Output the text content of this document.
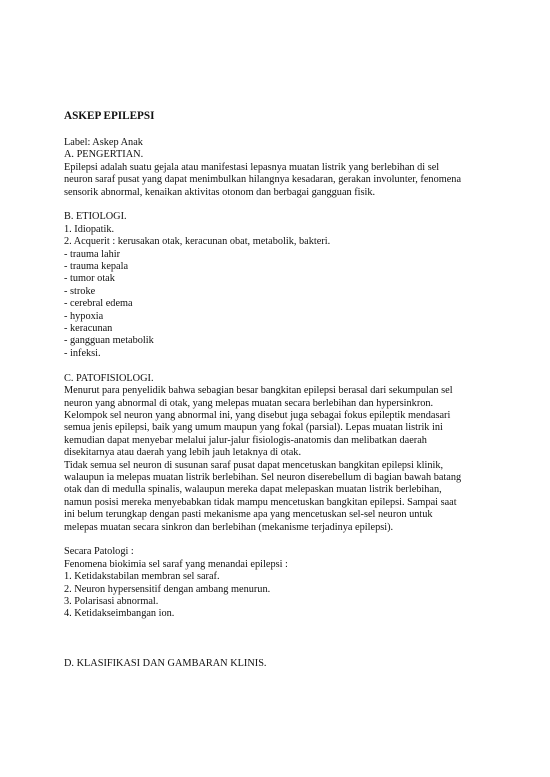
ASKEP EPILEPSI
Label: Askep Anak
A. PENGERTIAN.
Epilepsi adalah suatu gejala atau manifestasi lepasnya muatan listrik yang berlebihan di sel
neuron saraf pusat yang dapat menimbulkan hilangnya kesadaran, gerakan involunter, fenomena
sensorik abnormal, kenaikan aktivitas otonom dan berbagai gangguan fisik.
B. ETIOLOGI.
1. Idiopatik.
2. Acquerit : kerusakan otak, keracunan obat, metabolik, bakteri.
- trauma lahir
- trauma kepala
- tumor otak
- stroke
- cerebral edema
- hypoxia
- keracunan
- gangguan metabolik
- infeksi.
C. PATOFISIOLOGI.
Menurut para penyelidik bahwa sebagian besar bangkitan epilepsi berasal dari sekumpulan sel
neuron yang abnormal di otak, yang melepas muatan secara berlebihan dan hypersinkron.
Kelompok sel neuron yang abnormal ini, yang disebut juga sebagai fokus epileptik mendasari
semua jenis epilepsi, baik yang umum maupun yang fokal (parsial). Lepas muatan listrik ini
kemudian dapat menyebar melalui jalur-jalur fisiologis-anatomis dan melibatkan daerah
disekitarnya atau daerah yang lebih jauh letaknya di otak.
Tidak semua sel neuron di susunan saraf pusat dapat mencetuskan bangkitan epilepsi klinik,
walaupun ia melepas muatan listrik berlebihan. Sel neuron diserebellum di bagian bawah batang
otak dan di medulla spinalis, walaupun mereka dapat melepaskan muatan listrik berlebihan,
namun posisi mereka menyebabkan tidak mampu mencetuskan bangkitan epilepsi. Sampai saat
ini belum terungkap dengan pasti mekanisme apa yang mencetuskan sel-sel neuron untuk
melepas muatan secara sinkron dan berlebihan (mekanisme terjadinya epilepsi).
Secara Patologi :
Fenomena biokimia sel saraf yang menandai epilepsi :
1. Ketidakstabilan membran sel saraf.
2. Neuron hypersensitif dengan ambang menurun.
3. Polarisasi abnormal.
4. Ketidakseimbangan ion.
D. KLASIFIKASI DAN GAMBARAN KLINIS.
